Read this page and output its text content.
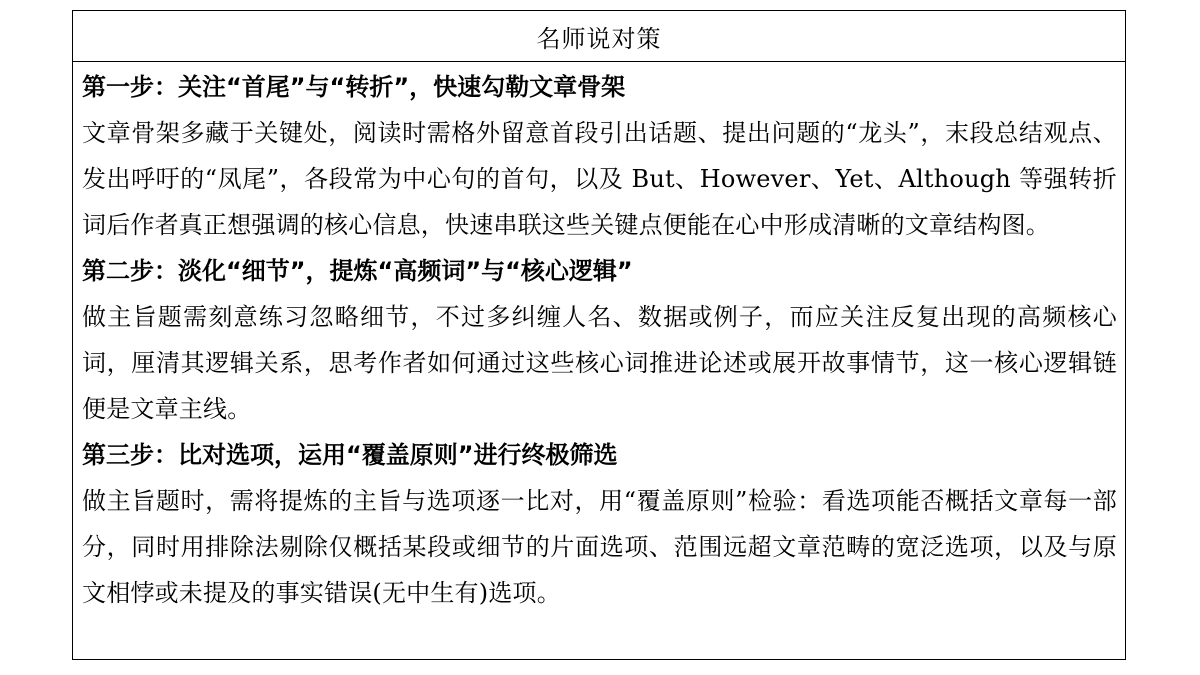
名师说对策
第一步：关注“首尾”与“转折”，快速勾勒文章骨架
文章骨架多藏于关键处，阅读时需格外留意首段引出话题、提出问题的“龙头”，末段总结观点、发出呼吁的“凤尾”，各段常为中心句的首句，以及 But、However、Yet、Although 等强转折词后作者真正想强调的核心信息，快速串联这些关键点便能在心中形成清晰的文章结构图。
第二步：淡化“细节”，提炼“高频词”与“核心逻辑”
做主旨题需刻意练习忽略细节，不过多纠缠人名、数据或例子，而应关注反复出现的高频核心词，厘清其逻辑关系，思考作者如何通过这些核心词推进论述或展开故事情节，这一核心逻辑链便是文章主线。
第三步：比对选项，运用“覆盖原则”进行终极筛选
做主旨题时，需将提炼的主旨与选项逐一比对，用“覆盖原则”检验：看选项能否概括文章每一部分，同时用排除法剔除仅概括某段或细节的片面选项、范围远超文章范畴的宽泛选项，以及与原文相悖或未提及的事实错误(无中生有)选项。
